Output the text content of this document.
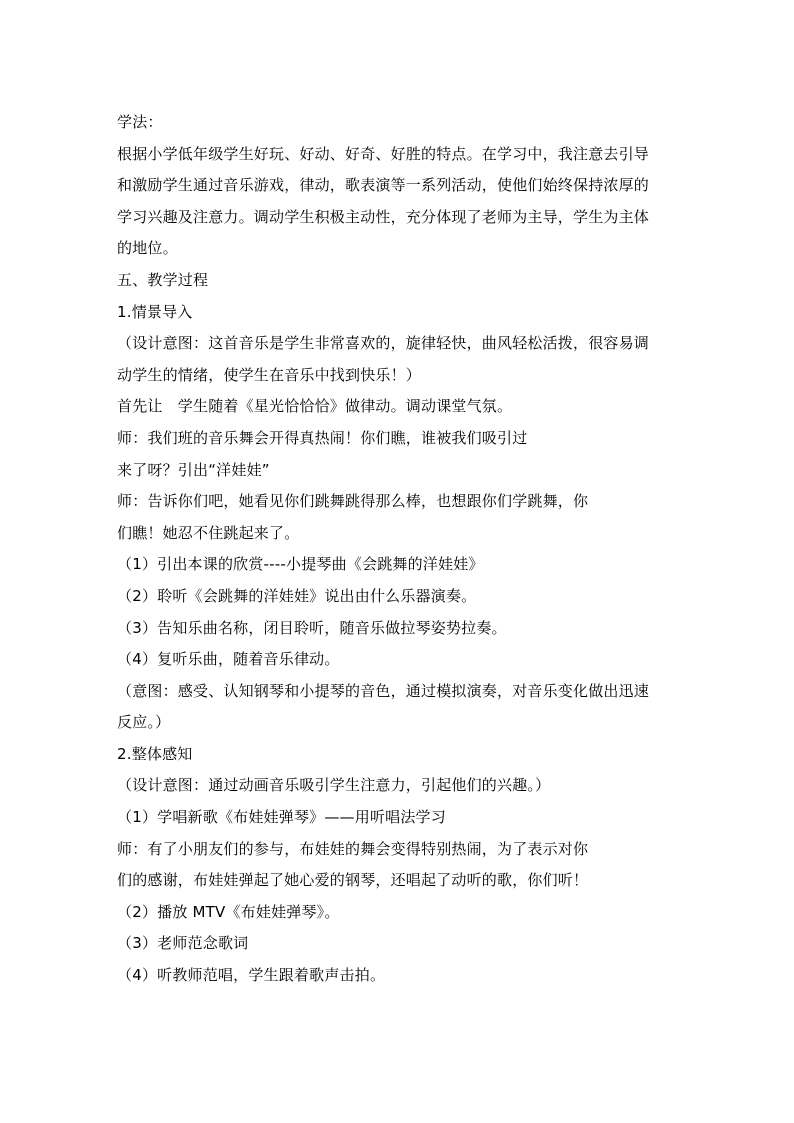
学法：
根据小学低年级学生好玩、好动、好奇、好胜的特点。在学习中，我注意去引导
和激励学生通过音乐游戏，律动，歌表演等一系列活动，使他们始终保持浓厚的
学习兴趣及注意力。调动学生积极主动性，充分体现了老师为主导，学生为主体
的地位。
五、教学过程
1.情景导入
（设计意图：这首音乐是学生非常喜欢的，旋律轻快，曲风轻松活拨，很容易调
动学生的情绪，使学生在音乐中找到快乐！）
首先让　学生随着《星光恰恰恰》做律动。调动课堂气氛。
师：我们班的音乐舞会开得真热闹！你们瞧，谁被我们吸引过
来了呀？引出“洋娃娃”
师：告诉你们吧，她看见你们跳舞跳得那么棒，也想跟你们学跳舞，你
们瞧！她忍不住跳起来了。
（1）引出本课的欣赏----小提琴曲《会跳舞的洋娃娃》
（2）聆听《会跳舞的洋娃娃》说出由什么乐器演奏。
（3）告知乐曲名称，闭目聆听，随音乐做拉琴姿势拉奏。
（4）复听乐曲，随着音乐律动。
（意图：感受、认知钢琴和小提琴的音色，通过模拟演奏，对音乐变化做出迅速
反应。）
2.整体感知
（设计意图：通过动画音乐吸引学生注意力，引起他们的兴趣。）
（1）学唱新歌《布娃娃弹琴》——用听唱法学习
师：有了小朋友们的参与，布娃娃的舞会变得特别热闹，为了表示对你
们的感谢，布娃娃弹起了她心爱的钢琴，还唱起了动听的歌，你们听！
（2）播放 MTV《布娃娃弹琴》。
（3）老师范念歌词
（4）听教师范唱，学生跟着歌声击拍。
